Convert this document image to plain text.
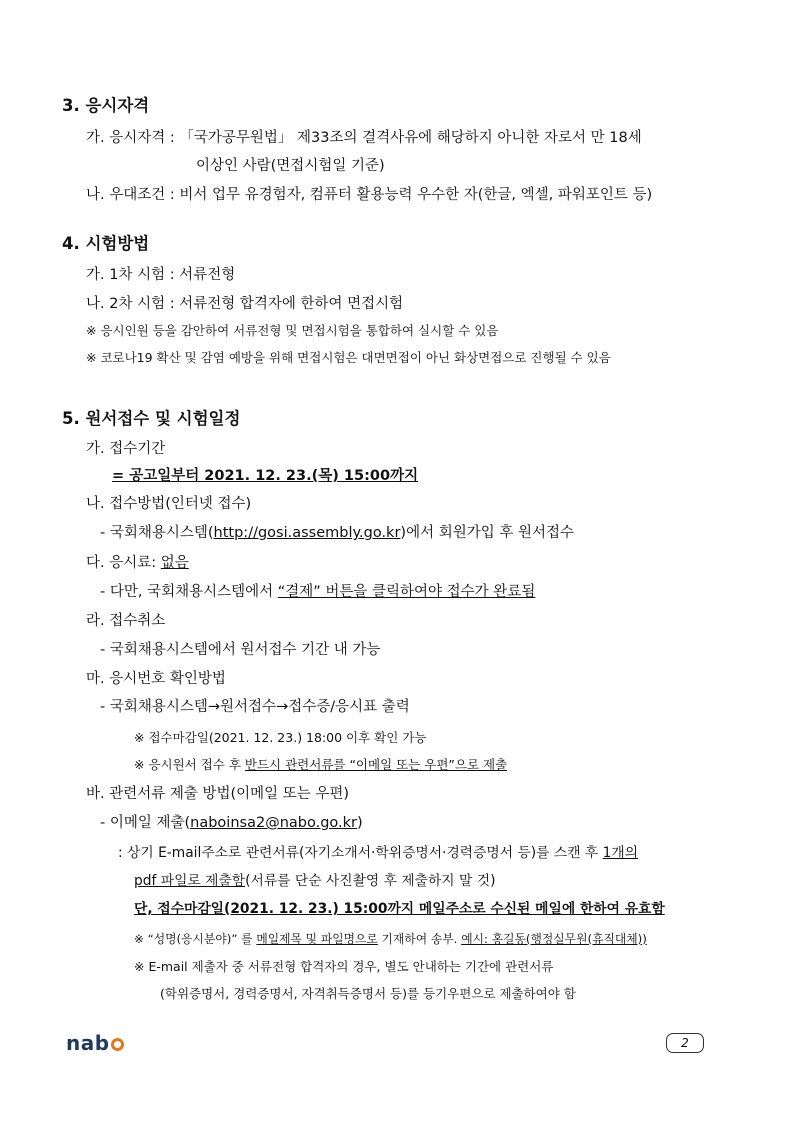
3. 응시자격
가. 응시자격 : 「국가공무원법」 제33조의 결격사유에 해당하지 아니한 자로서 만 18세
이상인 사람(면접시험일 기준)
나. 우대조건 : 비서 업무 유경험자, 컴퓨터 활용능력 우수한 자(한글, 엑셀, 파워포인트 등)
4. 시험방법
가. 1차 시험 : 서류전형
나. 2차 시험 : 서류전형 합격자에 한하여 면접시험
※ 응시인원 등을 감안하여 서류전형 및 면접시험을 통합하여 실시할 수 있음
※ 코로나19 확산 및 감염 예방을 위해 면접시험은 대면면접이 아닌 화상면접으로 진행될 수 있음
5. 원서접수 및 시험일정
가. 접수기간
= 공고일부터 2021. 12. 23.(목) 15:00까지
나. 접수방법(인터넷 접수)
- 국회채용시스템(http://gosi.assembly.go.kr)에서 회원가입 후 원서접수
다. 응시료: 없음
- 다만, 국회채용시스템에서 “결제” 버튼을 클릭하여야 접수가 완료됨
라. 접수취소
- 국회채용시스템에서 원서접수 기간 내 가능
마. 응시번호 확인방법
- 국회채용시스템→원서접수→접수증/응시표 출력
※ 접수마감일(2021. 12. 23.) 18:00 이후 확인 가능
※ 응시원서 접수 후 반드시 관련서류를 “이메일 또는 우편”으로 제출
바. 관련서류 제출 방법(이메일 또는 우편)
- 이메일 제출(naboinsa2@nabo.go.kr)
: 상기 E-mail주소로 관련서류(자기소개서·학위증명서·경력증명서 등)를 스캔 후 1개의
pdf 파일로 제출함(서류를 단순 사진촬영 후 제출하지 말 것)
단, 접수마감일(2021. 12. 23.) 15:00까지 메일주소로 수신된 메일에 한하여 유효함
※ “성명(응시분야)” 를 메일제목 및 파일명으로 기재하여 송부. 예시: 홍길동(행정실무원(휴직대체))
※ E-mail 제출자 중 서류전형 합격자의 경우, 별도 안내하는 기간에 관련서류
(학위증명서, 경력증명서, 자격취득증명서 등)를 등기우편으로 제출하여야 함
nab	2
